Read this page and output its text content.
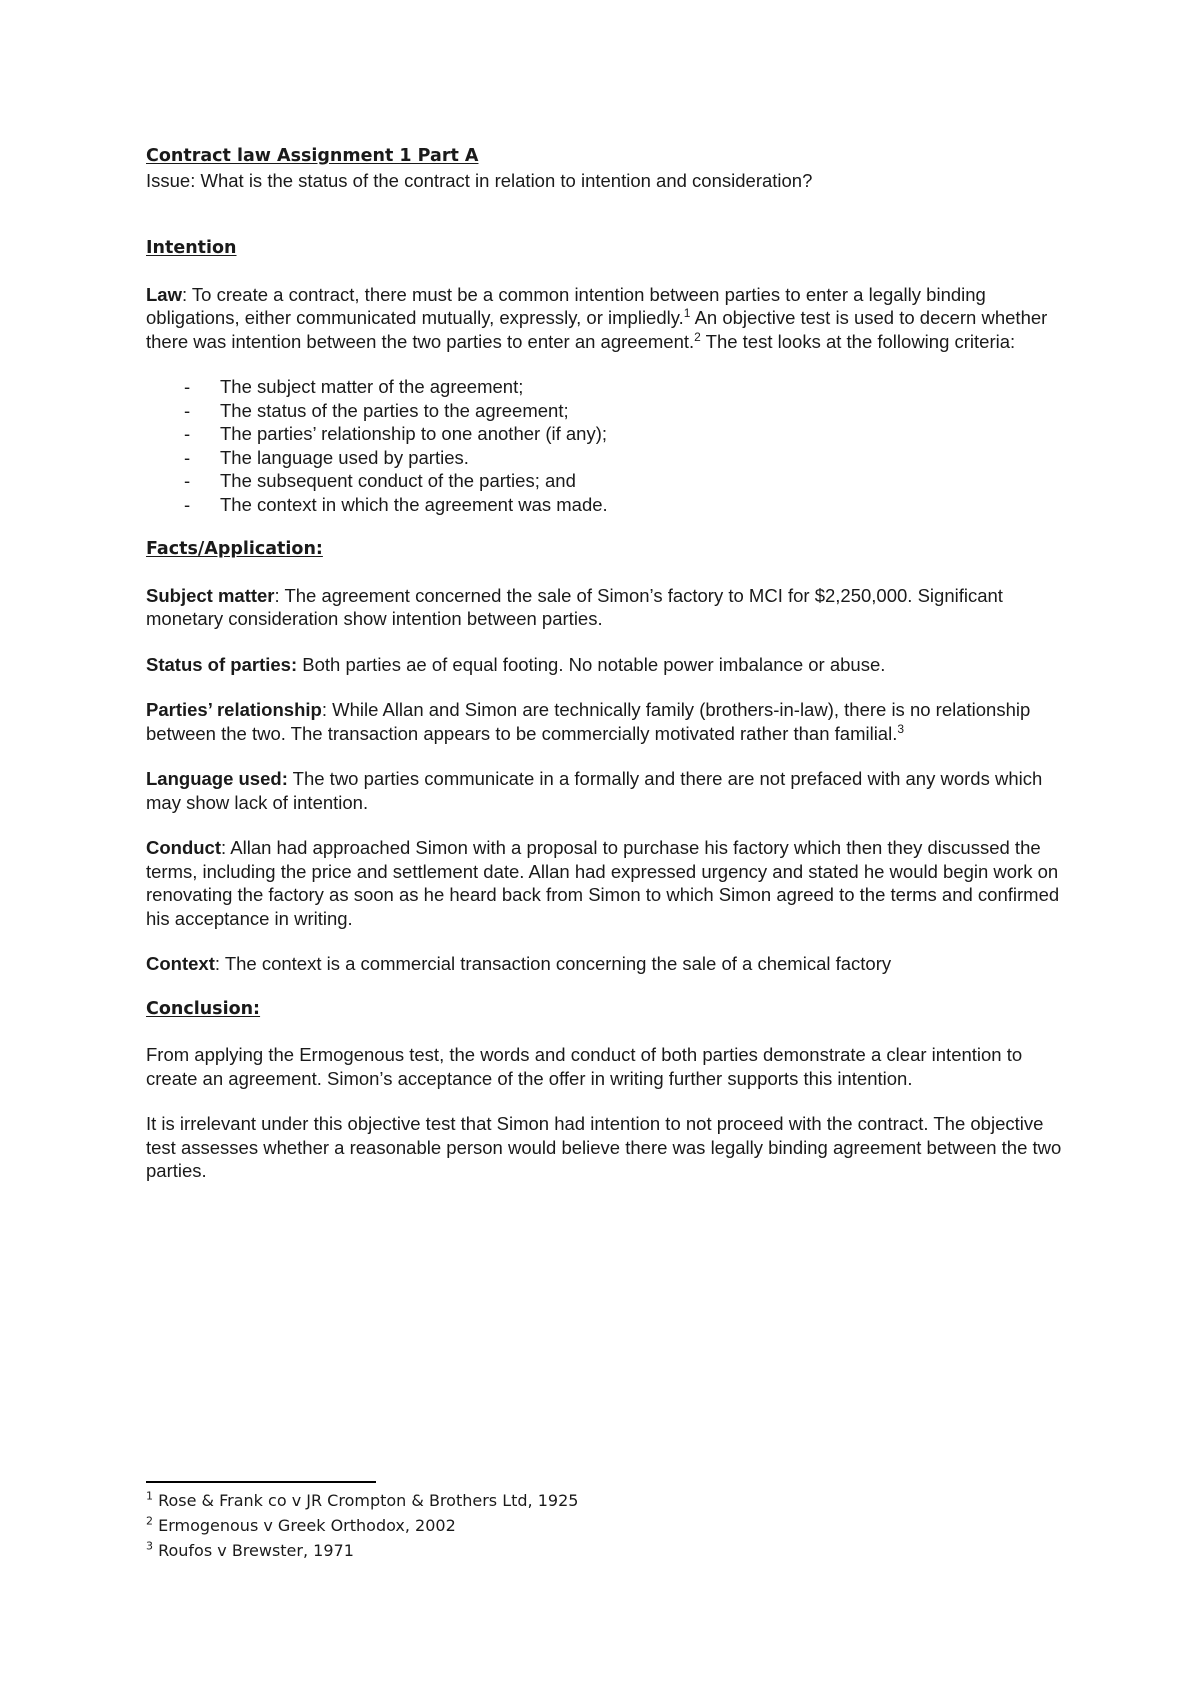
Contract law Assignment 1 Part A

Issue: What is the status of the contract in relation to intention and consideration?

Intention

Law: To create a contract, there must be a common intention between parties to enter a legally binding obligations, either communicated mutually, expressly, or impliedly.$^1$ An objective test is used to decern whether there was intention between the two parties to enter an agreement.$^2$ The test looks at the following criteria:

- The subject matter of the agreement;
- The status of the parties to the agreement;
- The parties’ relationship to one another (if any);
- The language used by parties.
- The subsequent conduct of the parties; and
- The context in which the agreement was made.

Facts/Application:

Subject matter: The agreement concerned the sale of Simon’s factory to MCI for $2,250,000. Significant monetary consideration show intention between parties.

Status of parties: Both parties ae of equal footing. No notable power imbalance or abuse.

Parties’ relationship: While Allan and Simon are technically family (brothers-in-law), there is no relationship between the two. The transaction appears to be commercially motivated rather than familial.$^3$

Language used: The two parties communicate in a formally and there are not prefaced with any words which may show lack of intention.

Conduct: Allan had approached Simon with a proposal to purchase his factory which then they discussed the terms, including the price and settlement date. Allan had expressed urgency and stated he would begin work on renovating the factory as soon as he heard back from Simon to which Simon agreed to the terms and confirmed his acceptance in writing.

Context: The context is a commercial transaction concerning the sale of a chemical factory

Conclusion:

From applying the Ermogenous test, the words and conduct of both parties demonstrate a clear intention to create an agreement. Simon’s acceptance of the offer in writing further supports this intention.

It is irrelevant under this objective test that Simon had intention to not proceed with the contract. The objective test assesses whether a reasonable person would believe there was legally binding agreement between the two parties.

$^1$ Rose & Frank co v JR Crompton & Brothers Ltd, 1925
$^2$ Ermogenous v Greek Orthodox, 2002
$^3$ Roufos v Brewster, 1971
